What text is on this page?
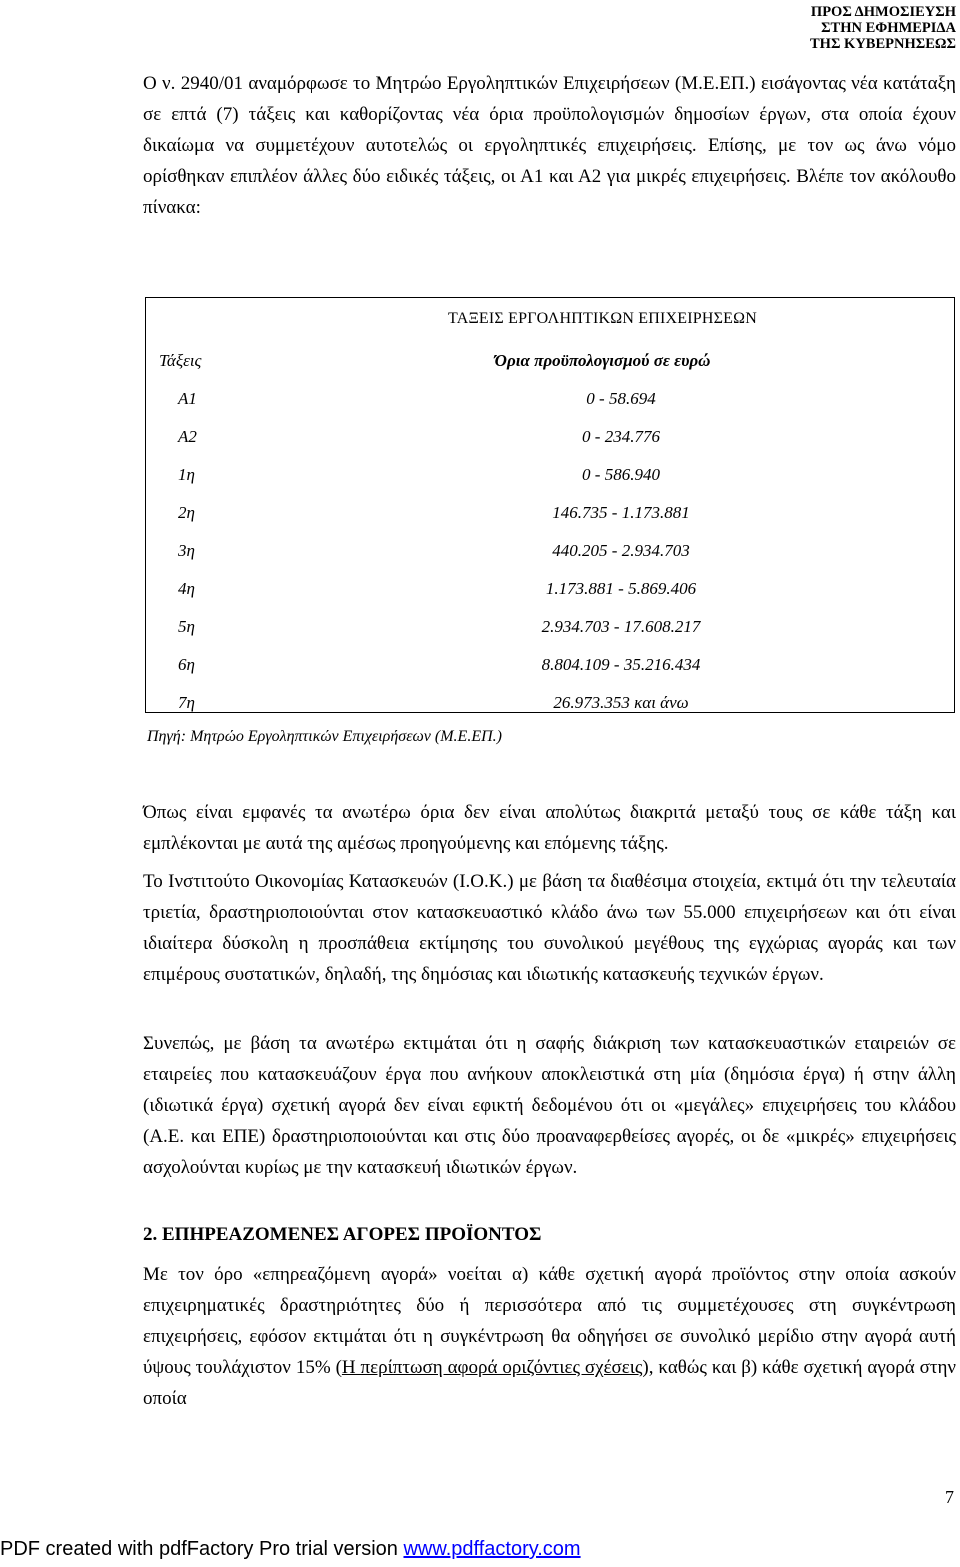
ΠΡΟΣ ΔΗΜΟΣΙΕΥΣΗ
ΣΤΗΝ ΕΦΗΜΕΡΙΔΑ
ΤΗΣ ΚΥΒΕΡΝΗΣΕΩΣ

Ο ν. 2940/01 αναμόρφωσε το Μητρώο Εργοληπτικών Επιχειρήσεων (Μ.Ε.ΕΠ.) εισάγοντας νέα κατάταξη σε επτά (7) τάξεις και καθορίζοντας νέα όρια προϋπολογισμών δημοσίων έργων, στα οποία έχουν δικαίωμα να συμμετέχουν αυτοτελώς οι εργοληπτικές επιχειρήσεις. Επίσης, με τον ως άνω νόμο ορίσθηκαν επιπλέον άλλες δύο ειδικές τάξεις, οι Α1 και Α2 για μικρές επιχειρήσεις. Βλέπε τον ακόλουθο πίνακα:

ΤΑΞΕΙΣ ΕΡΓΟΛΗΠΤΙΚΩΝ ΕΠΙΧΕΙΡΗΣΕΩΝ
Τάξεις	Όρια προϋπολογισμού σε ευρώ
Α1	0 - 58.694
Α2	0 - 234.776
1η	0 - 586.940
2η	146.735 - 1.173.881
3η	440.205 - 2.934.703
4η	1.173.881 - 5.869.406
5η	2.934.703 - 17.608.217
6η	8.804.109 - 35.216.434
7η	26.973.353 και άνω
Πηγή: Μητρώο Εργοληπτικών Επιχειρήσεων (Μ.Ε.ΕΠ.)

Όπως είναι εμφανές τα ανωτέρω όρια δεν είναι απολύτως διακριτά μεταξύ τους σε κάθε τάξη και εμπλέκονται με αυτά της αμέσως προηγούμενης και επόμενης τάξης.

Το Ινστιτούτο Οικονομίας Κατασκευών (Ι.Ο.Κ.) με βάση τα διαθέσιμα στοιχεία, εκτιμά ότι την τελευταία τριετία, δραστηριοποιούνται στον κατασκευαστικό κλάδο άνω των 55.000 επιχειρήσεων και ότι είναι ιδιαίτερα δύσκολη η προσπάθεια εκτίμησης του συνολικού μεγέθους της εγχώριας αγοράς και των επιμέρους συστατικών, δηλαδή, της δημόσιας και ιδιωτικής κατασκευής τεχνικών έργων.

Συνεπώς, με βάση τα ανωτέρω εκτιμάται ότι η σαφής διάκριση των κατασκευαστικών εταιρειών σε εταιρείες που κατασκευάζουν έργα που ανήκουν αποκλειστικά στη μία (δημόσια έργα) ή στην άλλη (ιδιωτικά έργα) σχετική αγορά δεν είναι εφικτή δεδομένου ότι οι «μεγάλες» επιχειρήσεις του κλάδου (Α.Ε. και ΕΠΕ) δραστηριοποιούνται και στις δύο προαναφερθείσες αγορές, οι δε «μικρές» επιχειρήσεις ασχολούνται κυρίως με την κατασκευή ιδιωτικών έργων.

2. ΕΠΗΡΕΑΖΟΜΕΝΕΣ ΑΓΟΡΕΣ ΠΡΟΪΟΝΤΟΣ

Με τον όρο «επηρεαζόμενη αγορά» νοείται α) κάθε σχετική αγορά προϊόντος στην οποία ασκούν επιχειρηματικές δραστηριότητες δύο ή περισσότερα από τις συμμετέχουσες στη συγκέντρωση επιχειρήσεις, εφόσον εκτιμάται ότι η συγκέντρωση θα οδηγήσει σε συνολικό μερίδιο στην αγορά αυτή ύψους τουλάχιστον 15% (Η περίπτωση αφορά οριζόντιες σχέσεις), καθώς και β) κάθε σχετική αγορά στην οποία

7
PDF created with pdfFactory Pro trial version www.pdffactory.com
